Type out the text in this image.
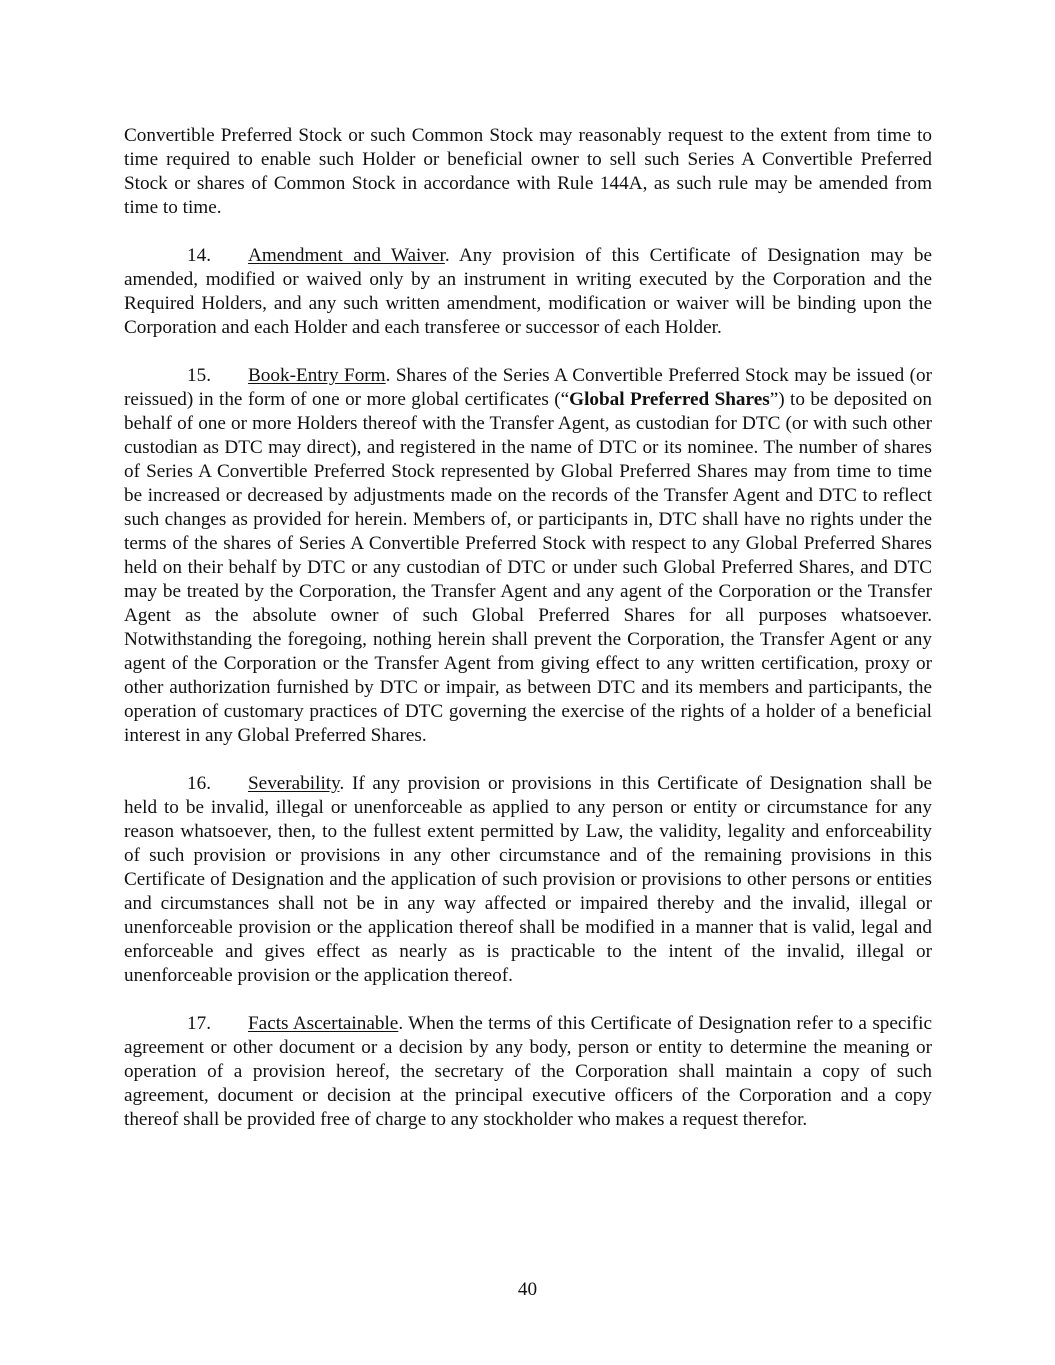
Convertible Preferred Stock or such Common Stock may reasonably request to the extent from time to time required to enable such Holder or beneficial owner to sell such Series A Convertible Preferred Stock or shares of Common Stock in accordance with Rule 144A, as such rule may be amended from time to time.

14. Amendment and Waiver. Any provision of this Certificate of Designation may be amended, modified or waived only by an instrument in writing executed by the Corporation and the Required Holders, and any such written amendment, modification or waiver will be binding upon the Corporation and each Holder and each transferee or successor of each Holder.

15. Book-Entry Form. Shares of the Series A Convertible Preferred Stock may be issued (or reissued) in the form of one or more global certificates (“Global Preferred Shares”) to be deposited on behalf of one or more Holders thereof with the Transfer Agent, as custodian for DTC (or with such other custodian as DTC may direct), and registered in the name of DTC or its nominee. The number of shares of Series A Convertible Preferred Stock represented by Global Preferred Shares may from time to time be increased or decreased by adjustments made on the records of the Transfer Agent and DTC to reflect such changes as provided for herein. Members of, or participants in, DTC shall have no rights under the terms of the shares of Series A Convertible Preferred Stock with respect to any Global Preferred Shares held on their behalf by DTC or any custodian of DTC or under such Global Preferred Shares, and DTC may be treated by the Corporation, the Transfer Agent and any agent of the Corporation or the Transfer Agent as the absolute owner of such Global Preferred Shares for all purposes whatsoever. Notwithstanding the foregoing, nothing herein shall prevent the Corporation, the Transfer Agent or any agent of the Corporation or the Transfer Agent from giving effect to any written certification, proxy or other authorization furnished by DTC or impair, as between DTC and its members and participants, the operation of customary practices of DTC governing the exercise of the rights of a holder of a beneficial interest in any Global Preferred Shares.

16. Severability. If any provision or provisions in this Certificate of Designation shall be held to be invalid, illegal or unenforceable as applied to any person or entity or circumstance for any reason whatsoever, then, to the fullest extent permitted by Law, the validity, legality and enforceability of such provision or provisions in any other circumstance and of the remaining provisions in this Certificate of Designation and the application of such provision or provisions to other persons or entities and circumstances shall not be in any way affected or impaired thereby and the invalid, illegal or unenforceable provision or the application thereof shall be modified in a manner that is valid, legal and enforceable and gives effect as nearly as is practicable to the intent of the invalid, illegal or unenforceable provision or the application thereof.

17. Facts Ascertainable. When the terms of this Certificate of Designation refer to a specific agreement or other document or a decision by any body, person or entity to determine the meaning or operation of a provision hereof, the secretary of the Corporation shall maintain a copy of such agreement, document or decision at the principal executive officers of the Corporation and a copy thereof shall be provided free of charge to any stockholder who makes a request therefor.

40
